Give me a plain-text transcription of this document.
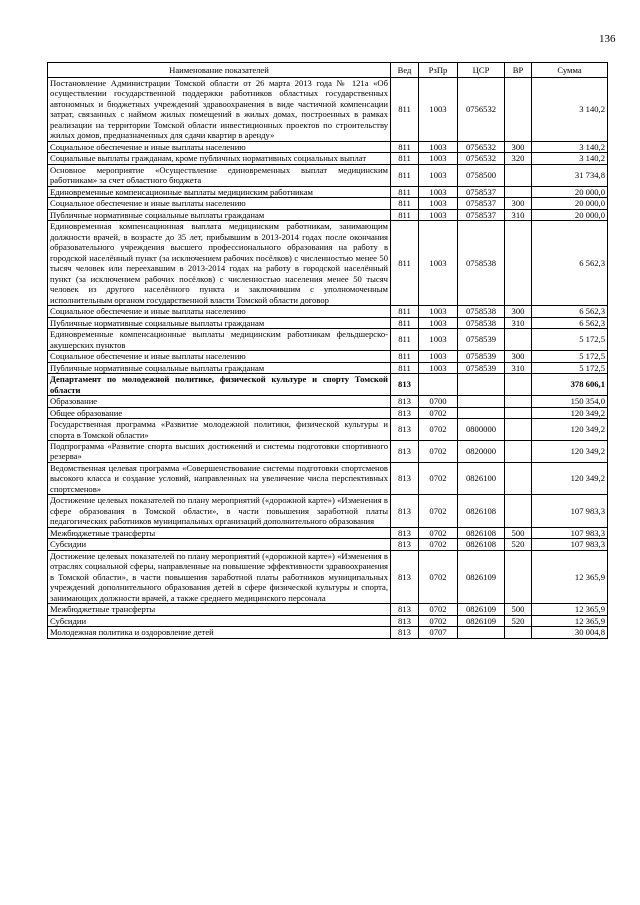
136
Наименование показателей	Вед	РзПр	ЦСР	ВР	Сумма
Постановление Администрации Томской области от 26 марта 2013 года № 121а «Об осуществлении государственной поддержки работников областных государственных автономных и бюджетных учреждений здравоохранения в виде частичной компенсации затрат, связанных с наймом жилых помещений в жилых домах, построенных в рамках реализации на территории Томской области инвестиционных проектов по строительству жилых домов, предназначенных для сдачи квартир в аренду»	811	1003	0756532		3 140,2
Социальное обеспечение и иные выплаты населению	811	1003	0756532	300	3 140,2
Социальные выплаты гражданам, кроме публичных нормативных социальных выплат	811	1003	0756532	320	3 140,2
Основное мероприятие «Осуществление единовременных выплат медицинским работникам» за счет областного бюджета	811	1003	0758500		31 734,8
Единовременные компенсационные выплаты медицинским работникам	811	1003	0758537		20 000,0
Социальное обеспечение и иные выплаты населению	811	1003	0758537	300	20 000,0
Публичные нормативные социальные выплаты гражданам	811	1003	0758537	310	20 000,0
Единовременная компенсационная выплата медицинским работникам, занимающим должности врачей, в возрасте до 35 лет, прибывшим в 2013-2014 годах после окончания образовательного учреждения высшего профессионального образования на работу в городской населённый пункт (за исключением рабочих посёлков) с численностью менее 50 тысяч человек или переехавшим в 2013-2014 годах на работу в городской населённый пункт (за исключением рабочих посёлков) с численностью населения менее 50 тысяч человек из другого населённого пункта и заключившим с уполномоченным исполнительным органом государственной власти Томской области договор	811	1003	0758538		6 562,3
Социальное обеспечение и иные выплаты населению	811	1003	0758538	300	6 562,3
Публичные нормативные социальные выплаты гражданам	811	1003	0758538	310	6 562,3
Единовременные компенсационные выплаты медицинским работникам фельдшерско-акушерских пунктов	811	1003	0758539		5 172,5
Социальное обеспечение и иные выплаты населению	811	1003	0758539	300	5 172,5
Публичные нормативные социальные выплаты гражданам	811	1003	0758539	310	5 172,5
Департамент по молодежной политике, физической культуре и спорту Томской области	813				378 606,1
Образование	813	0700			150 354,0
Общее образование	813	0702			120 349,2
Государственная программа «Развитие молодежной политики, физической культуры и спорта в Томской области»	813	0702	0800000		120 349,2
Подпрограмма «Развитие спорта высших достижений и системы подготовки спортивного резерва»	813	0702	0820000		120 349,2
Ведомственная целевая программа «Совершенствование системы подготовки спортсменов высокого класса и создание условий, направленных на увеличение числа перспективных спортсменов»	813	0702	0826100		120 349,2
Достижение целевых показателей по плану мероприятий («дорожной карте») «Изменения в сфере образования в Томской области», в части повышения заработной платы педагогических работников муниципальных организаций дополнительного образования	813	0702	0826108		107 983,3
Межбюджетные трансферты	813	0702	0826108	500	107 983,3
Субсидии	813	0702	0826108	520	107 983,3
Достижение целевых показателей по плану мероприятий («дорожной карте») «Изменения в отраслях социальной сферы, направленные на повышение эффективности здравоохранения в Томской области», в части повышения заработной платы работников муниципальных учреждений дополнительного образования детей в сфере физической культуры и спорта, занимающих должности врачей, а также среднего медицинского персонала	813	0702	0826109		12 365,9
Межбюджетные трансферты	813	0702	0826109	500	12 365,9
Субсидии	813	0702	0826109	520	12 365,9
Молодежная политика и оздоровление детей	813	0707			30 004,8
